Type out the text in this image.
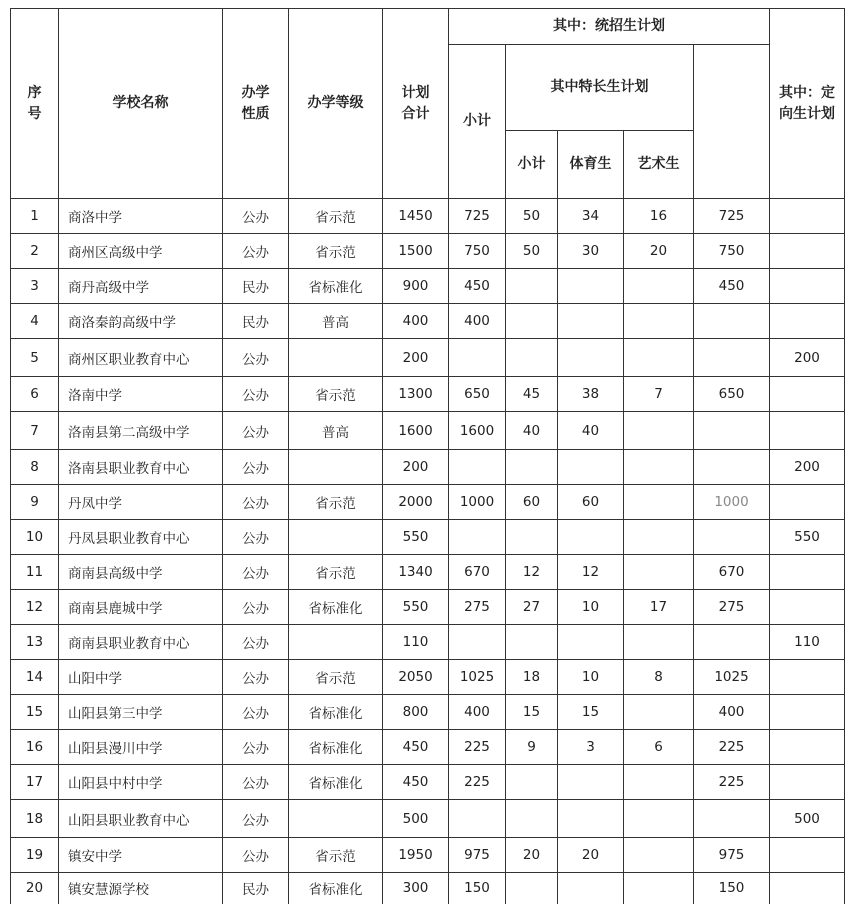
序号	学校名称	办学性质	办学等级	计划合计	其中：统招生计划					其中：定向生计划	
					小计	其中特长生计划					
						小计	体育生	艺术生			
1	商洛中学	公办	省示范	1450	725	50	34	16	725		
2	商州区高级中学	公办	省示范	1500	750	50	30	20	750		
3	商丹高级中学	民办	省标准化	900	450				450		
4	商洛秦韵高级中学	民办	普高	400	400						
5	商州区职业教育中心	公办		200						200	
6	洛南中学	公办	省示范	1300	650	45	38	7	650		
7	洛南县第二高级中学	公办	普高	1600	1600	40	40				
8	洛南县职业教育中心	公办		200						200	
9	丹凤中学	公办	省示范	2000	1000	60	60		1000		
10	丹凤县职业教育中心	公办		550						550	
11	商南县高级中学	公办	省示范	1340	670	12	12		670		
12	商南县鹿城中学	公办	省标准化	550	275	27	10	17	275		
13	商南县职业教育中心	公办		110						110	
14	山阳中学	公办	省示范	2050	1025	18	10	8	1025		
15	山阳县第三中学	公办	省标准化	800	400	15	15		400		
16	山阳县漫川中学	公办	省标准化	450	225	9	3	6	225		
17	山阳县中村中学	公办	省标准化	450	225				225		
18	山阳县职业教育中心	公办		500						500	
19	镇安中学	公办	省示范	1950	975	20	20		975		
20	镇安慧源学校	民办	省标准化	300	150				150		
